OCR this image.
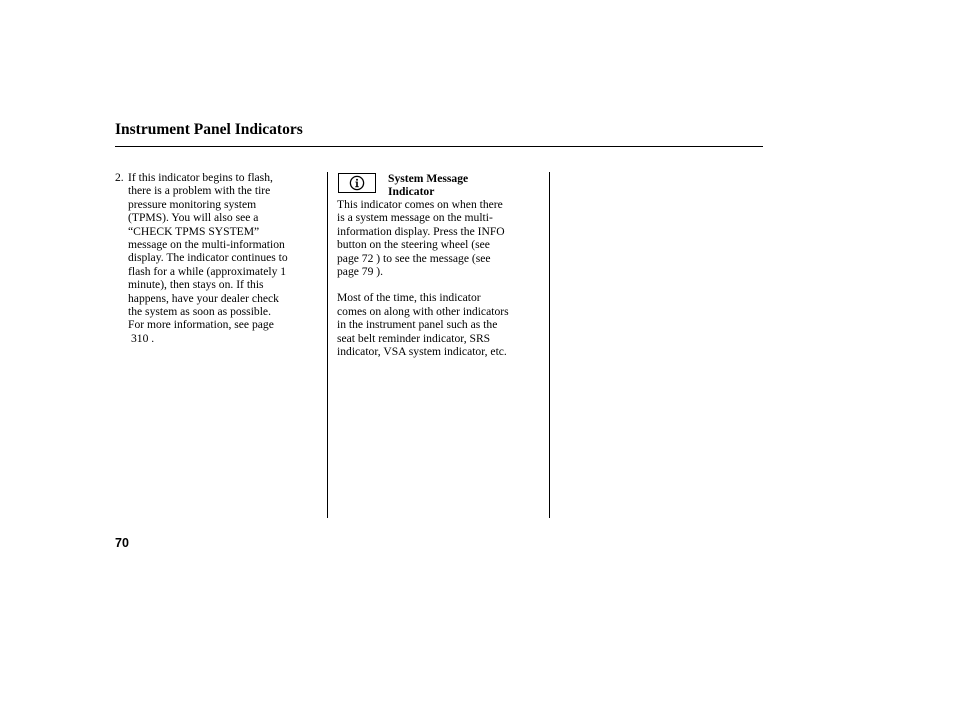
Instrument Panel Indicators
2. If this indicator begins to flash,
there is a problem with the tire
pressure monitoring system
(TPMS). You will also see a
“CHECK TPMS SYSTEM”
message on the multi-information
display. The indicator continues to
flash for a while (approximately 1
minute), then stays on. If this
happens, have your dealer check
the system as soon as possible.
For more information, see page
310 .
System Message
Indicator
This indicator comes on when there
is a system message on the multi-
information display. Press the INFO
button on the steering wheel (see
page 72 ) to see the message (see
page 79 ).
Most of the time, this indicator
comes on along with other indicators
in the instrument panel such as the
seat belt reminder indicator, SRS
indicator, VSA system indicator, etc.
70
